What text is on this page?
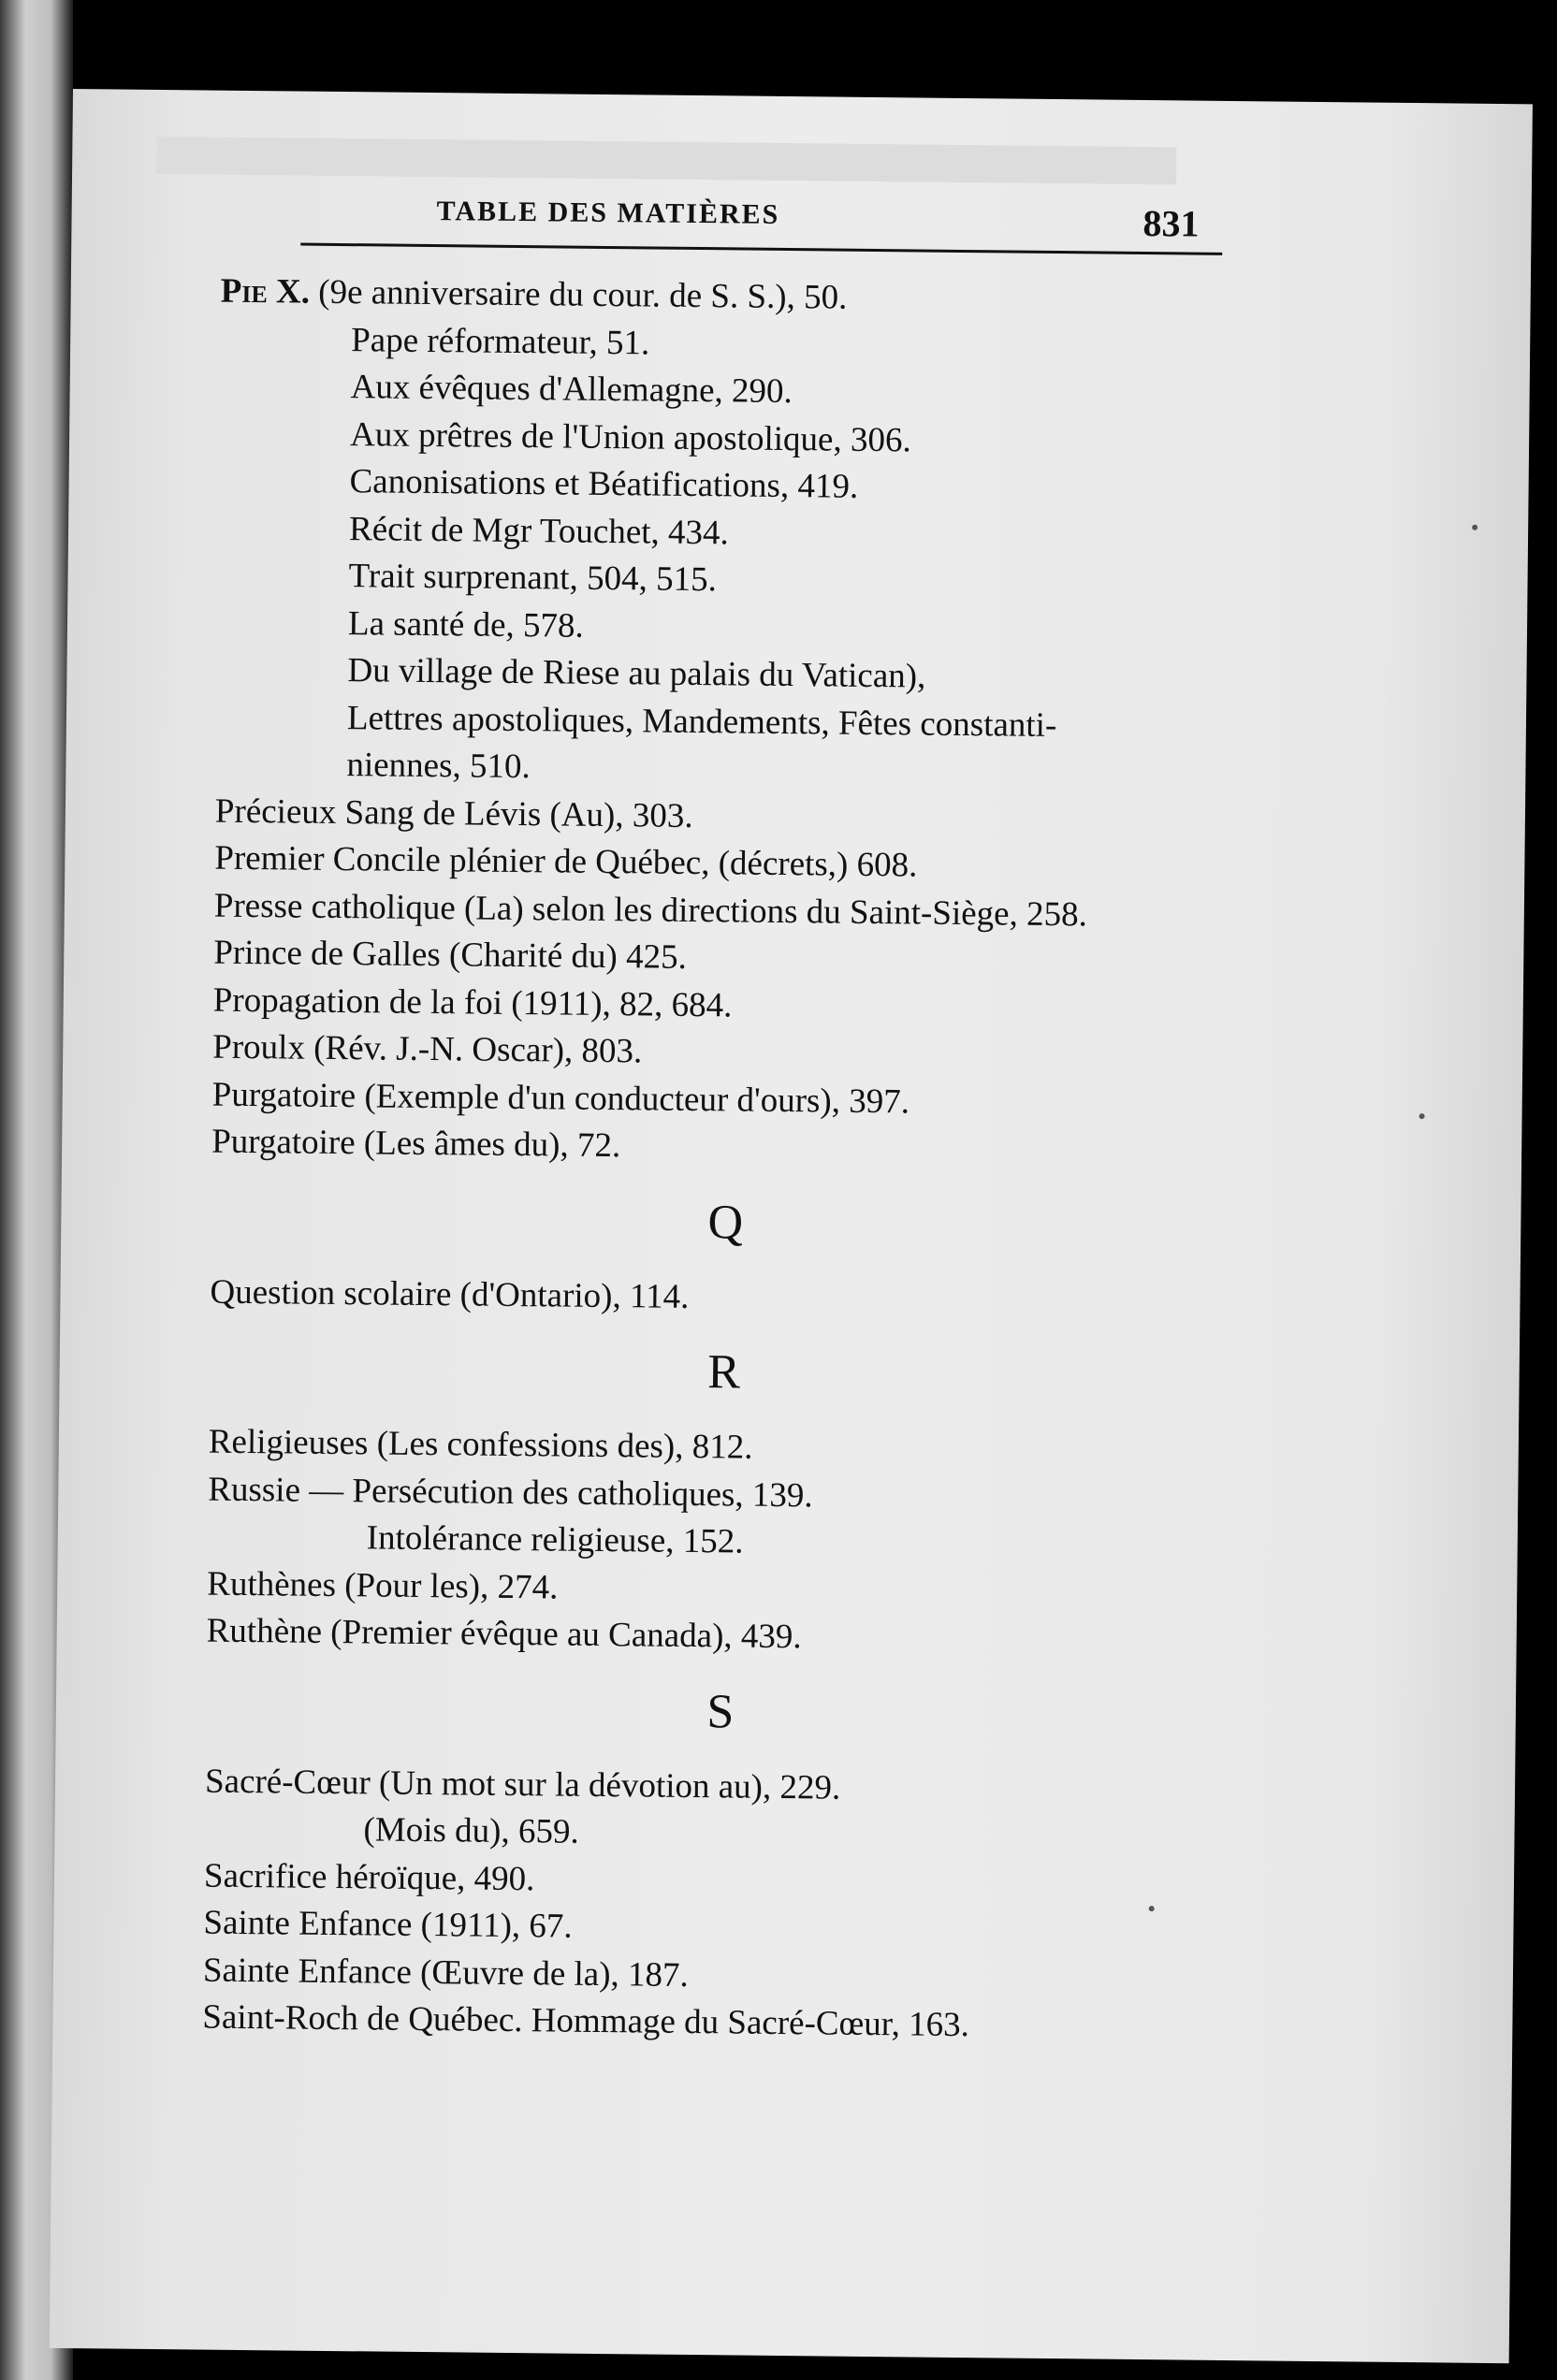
TABLE DES MATIÈRES	831
Pie X. (9e anniversaire du cour. de S. S.), 50.
Pape réformateur, 51.
Aux évêques d'Allemagne, 290.
Aux prêtres de l'Union apostolique, 306.
Canonisations et Béatifications, 419.
Récit de Mgr Touchet, 434.
Trait surprenant, 504, 515.
La santé de, 578.
Du village de Riese au palais du Vatican),
Lettres apostoliques, Mandements, Fêtes constanti-
niennes, 510.
Précieux Sang de Lévis (Au), 303.
Premier Concile plénier de Québec, (décrets,) 608.
Presse catholique (La) selon les directions du Saint-Siège, 258.
Prince de Galles (Charité du) 425.
Propagation de la foi (1911), 82, 684.
Proulx (Rév. J.-N. Oscar), 803.
Purgatoire (Exemple d'un conducteur d'ours), 397.
Purgatoire (Les âmes du), 72.
Q
Question scolaire (d'Ontario), 114.
R
Religieuses (Les confessions des), 812.
Russie — Persécution des catholiques, 139.
Intolérance religieuse, 152.
Ruthènes (Pour les), 274.
Ruthène (Premier évêque au Canada), 439.
S
Sacré-Cœur (Un mot sur la dévotion au), 229.
(Mois du), 659.
Sacrifice héroïque, 490.
Sainte Enfance (1911), 67.
Sainte Enfance (Œuvre de la), 187.
Saint-Roch de Québec. Hommage du Sacré-Cœur, 163.
